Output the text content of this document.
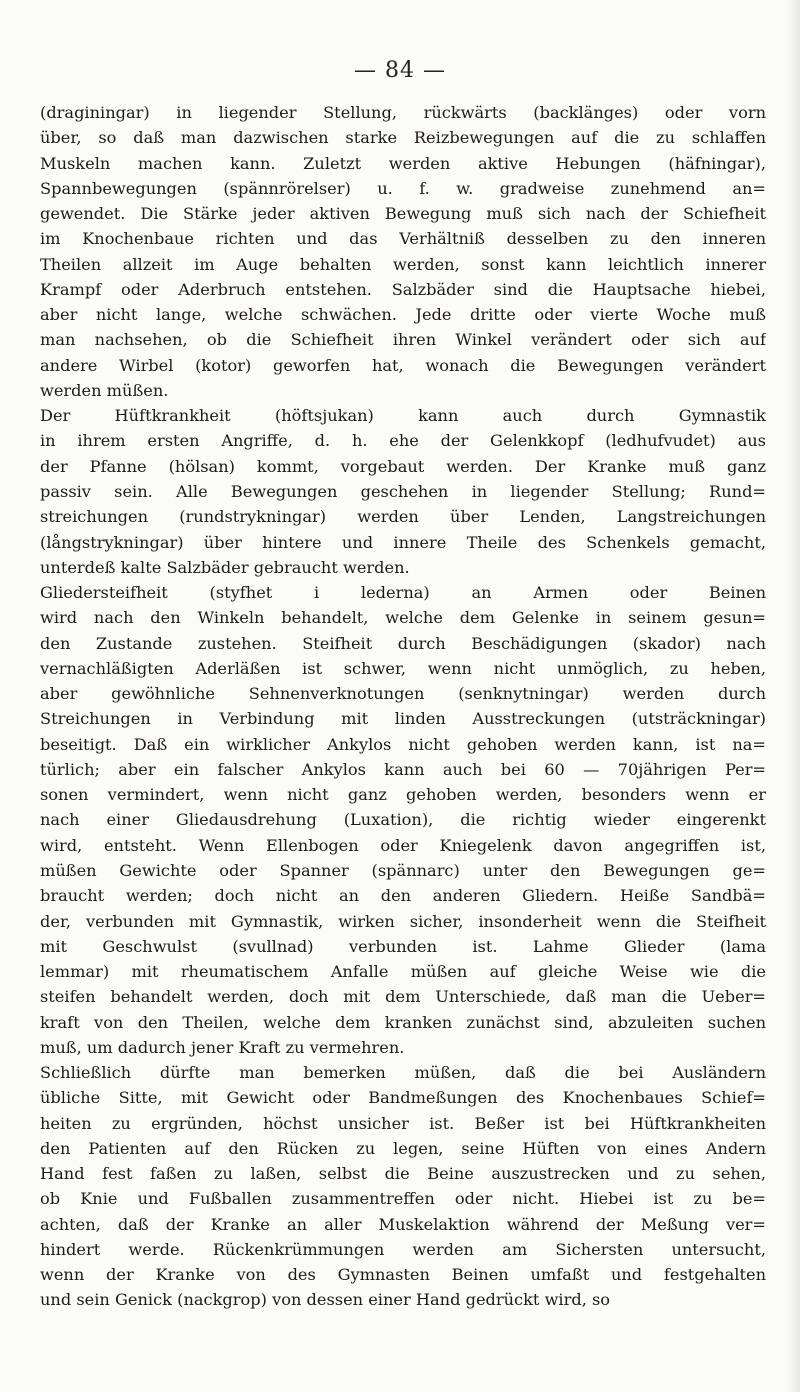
— 84 —
(draginingar) in liegender Stellung, rückwärts (backlänges) oder vorn
über, so daß man dazwischen starke Reizbewegungen auf die zu schlaffen
Muskeln machen kann. Zuletzt werden aktive Hebungen (häfningar),
Spannbewegungen (spännrörelser) u. f. w. gradweise zunehmend an=
gewendet. Die Stärke jeder aktiven Bewegung muß sich nach der Schiefheit
im Knochenbaue richten und das Verhältniß desselben zu den inneren
Theilen allzeit im Auge behalten werden, sonst kann leichtlich innerer
Krampf oder Aderbruch entstehen. Salzbäder sind die Hauptsache hiebei,
aber nicht lange, welche schwächen. Jede dritte oder vierte Woche muß
man nachsehen, ob die Schiefheit ihren Winkel verändert oder sich auf
andere Wirbel (kotor) geworfen hat, wonach die Bewegungen verändert
werden müßen.
Der Hüftkrankheit (höftsjukan) kann auch durch Gymnastik
in ihrem ersten Angriffe, d. h. ehe der Gelenkkopf (ledhufvudet) aus
der Pfanne (hölsan) kommt, vorgebaut werden. Der Kranke muß ganz
passiv sein. Alle Bewegungen geschehen in liegender Stellung; Rund=
streichungen (rundstrykningar) werden über Lenden, Langstreichungen
(långstrykningar) über hintere und innere Theile des Schenkels gemacht,
unterdeß kalte Salzbäder gebraucht werden.
Gliedersteifheit (styfhet i lederna) an Armen oder Beinen
wird nach den Winkeln behandelt, welche dem Gelenke in seinem gesun=
den Zustande zustehen. Steifheit durch Beschädigungen (skador) nach
vernachläßigten Aderläßen ist schwer, wenn nicht unmöglich, zu heben,
aber gewöhnliche Sehnenverknotungen (senknytningar) werden durch
Streichungen in Verbindung mit linden Ausstreckungen (utsträckningar)
beseitigt. Daß ein wirklicher Ankylos nicht gehoben werden kann, ist na=
türlich; aber ein falscher Ankylos kann auch bei 60 — 70jährigen Per=
sonen vermindert, wenn nicht ganz gehoben werden, besonders wenn er
nach einer Gliedausdrehung (Luxation), die richtig wieder eingerenkt
wird, entsteht. Wenn Ellenbogen oder Kniegelenk davon angegriffen ist,
müßen Gewichte oder Spanner (spännarc) unter den Bewegungen ge=
braucht werden; doch nicht an den anderen Gliedern. Heiße Sandbä=
der, verbunden mit Gymnastik, wirken sicher, insonderheit wenn die Steifheit
mit Geschwulst (svullnad) verbunden ist. Lahme Glieder (lama
lemmar) mit rheumatischem Anfalle müßen auf gleiche Weise wie die
steifen behandelt werden, doch mit dem Unterschiede, daß man die Ueber=
kraft von den Theilen, welche dem kranken zunächst sind, abzuleiten suchen
muß, um dadurch jener Kraft zu vermehren.
Schließlich dürfte man bemerken müßen, daß die bei Ausländern
übliche Sitte, mit Gewicht oder Bandmeßungen des Knochenbaues Schief=
heiten zu ergründen, höchst unsicher ist. Beßer ist bei Hüftkrankheiten
den Patienten auf den Rücken zu legen, seine Hüften von eines Andern
Hand fest faßen zu laßen, selbst die Beine auszustrecken und zu sehen,
ob Knie und Fußballen zusammentreffen oder nicht. Hiebei ist zu be=
achten, daß der Kranke an aller Muskelaktion während der Meßung ver=
hindert werde. Rückenkrümmungen werden am Sichersten untersucht,
wenn der Kranke von des Gymnasten Beinen umfaßt und festgehalten
und sein Genick (nackgrop) von dessen einer Hand gedrückt wird, so
